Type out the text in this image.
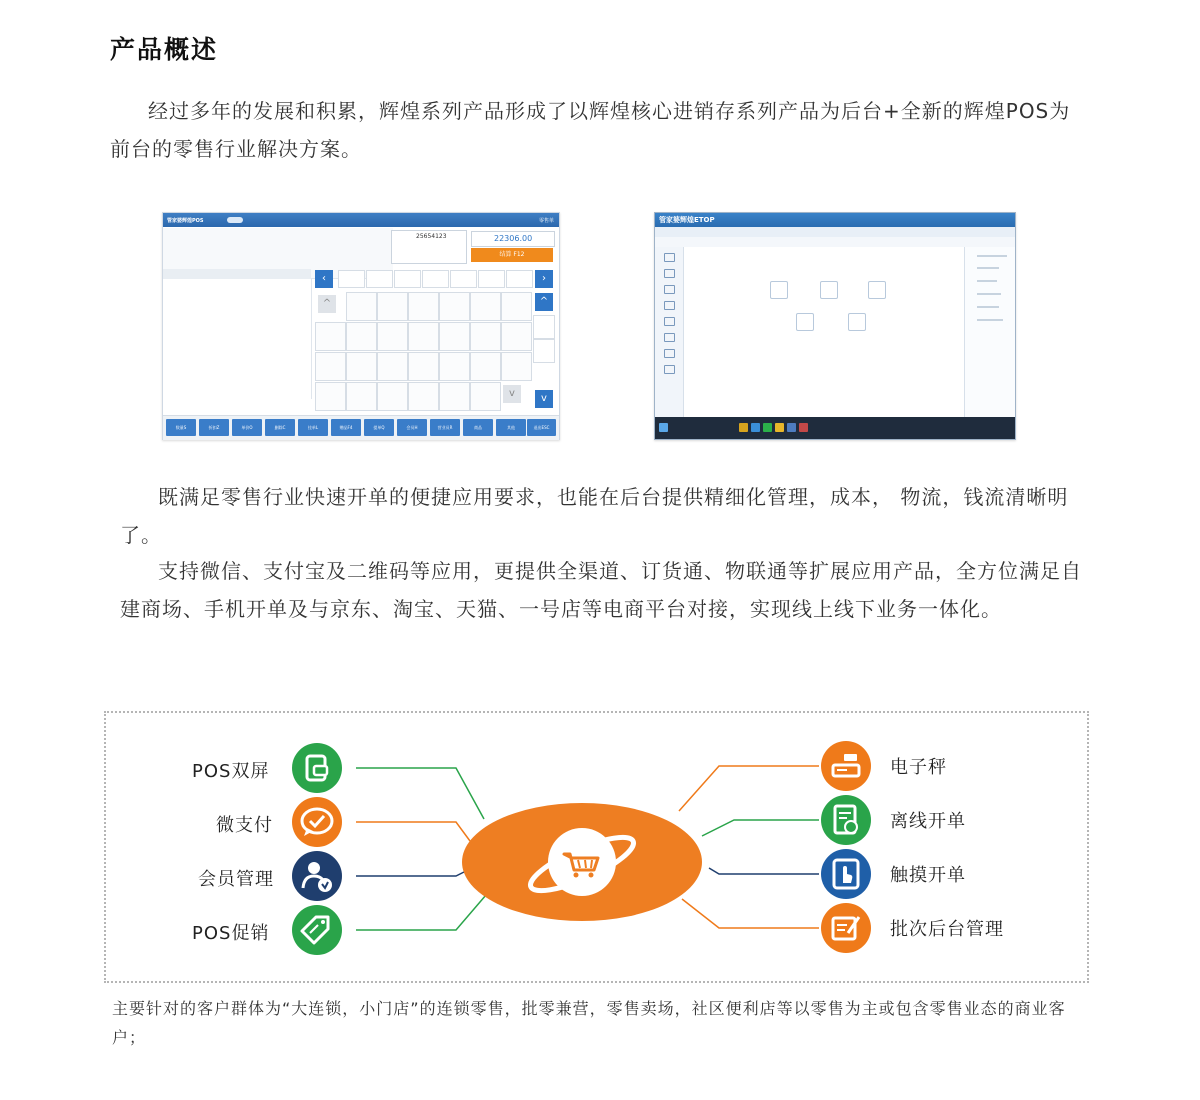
产品概述
经过多年的发展和积累，辉煌系列产品形成了以辉煌核心进销存系列产品为后台+全新的辉煌POS为前台的零售行业解决方案。
管家婆辉煌POS	零售单
25654123	22306.00
结算 F12
‹	›
^
v
^
v
数量S	折扣Z	单价O	删除C	挂单L	赠品F4	提单Q	会员H	营业员R	商品	其他	退出ESC
管家婆辉煌ETOP
既满足零售行业快速开单的便捷应用要求，也能在后台提供精细化管理，成本， 物流，钱流清晰明了。
支持微信、支付宝及二维码等应用，更提供全渠道、订货通、物联通等扩展应用产品，全方位满足自建商场、手机开单及与京东、淘宝、天猫、一号店等电商平台对接，实现线上线下业务一体化。
POS双屏
微支付
会员管理
POS促销
电子秤
离线开单
触摸开单
批次后台管理
主要针对的客户群体为“大连锁，小门店”的连锁零售，批零兼营，零售卖场，社区便利店等以零售为主或包含零售业态的商业客户；
